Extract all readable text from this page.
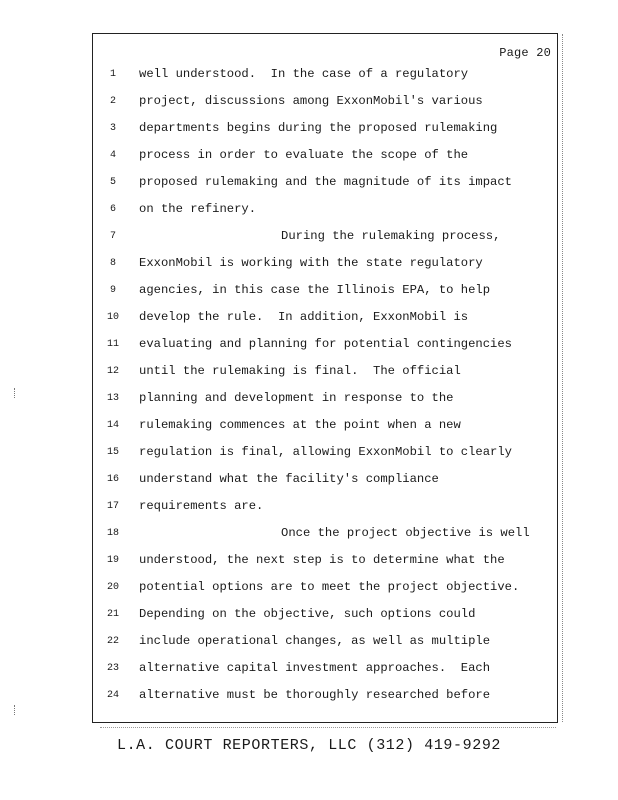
Page 20
1	well understood.  In the case of a regulatory
2	project, discussions among ExxonMobil's various
3	departments begins during the proposed rulemaking
4	process in order to evaluate the scope of the
5	proposed rulemaking and the magnitude of its impact
6	on the refinery.
7	During the rulemaking process,
8	ExxonMobil is working with the state regulatory
9	agencies, in this case the Illinois EPA, to help
10	develop the rule.  In addition, ExxonMobil is
11	evaluating and planning for potential contingencies
12	until the rulemaking is final.  The official
13	planning and development in response to the
14	rulemaking commences at the point when a new
15	regulation is final, allowing ExxonMobil to clearly
16	understand what the facility's compliance
17	requirements are.
18	Once the project objective is well
19	understood, the next step is to determine what the
20	potential options are to meet the project objective.
21	Depending on the objective, such options could
22	include operational changes, as well as multiple
23	alternative capital investment approaches.  Each
24	alternative must be thoroughly researched before
L.A. COURT REPORTERS, LLC (312) 419-9292
